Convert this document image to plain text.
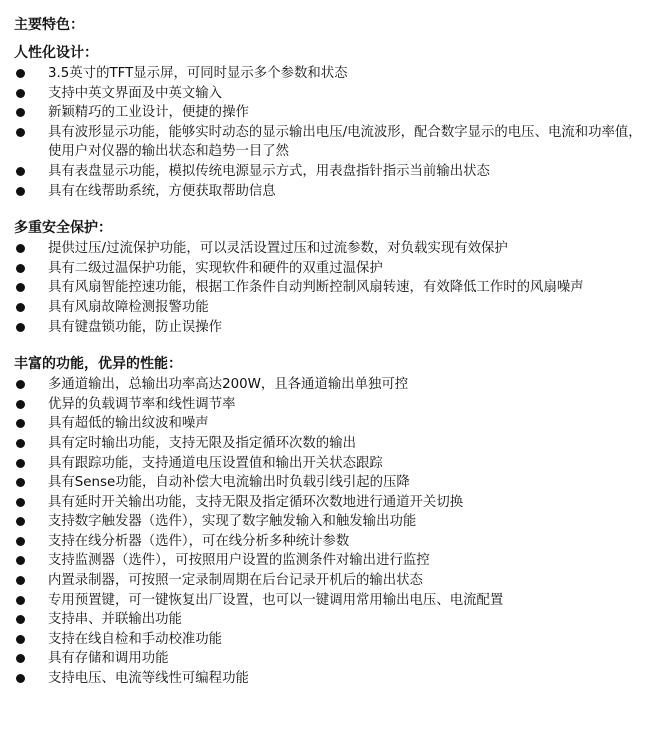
主要特色：
人性化设计：
3.5英寸的TFT显示屏，可同时显示多个参数和状态
支持中英文界面及中英文输入
新颖精巧的工业设计，便捷的操作
具有波形显示功能，能够实时动态的显示输出电压/电流波形，配合数字显示的电压、电流和功率值，使用户对仪器的输出状态和趋势一目了然
具有表盘显示功能，模拟传统电源显示方式，用表盘指针指示当前输出状态
具有在线帮助系统，方便获取帮助信息
多重安全保护：
提供过压/过流保护功能，可以灵活设置过压和过流参数，对负载实现有效保护
具有二级过温保护功能，实现软件和硬件的双重过温保护
具有风扇智能控速功能，根据工作条件自动判断控制风扇转速，有效降低工作时的风扇噪声
具有风扇故障检测报警功能
具有键盘锁功能，防止误操作
丰富的功能，优异的性能：
多通道输出，总输出功率高达200W，且各通道输出单独可控
优异的负载调节率和线性调节率
具有超低的输出纹波和噪声
具有定时输出功能，支持无限及指定循环次数的输出
具有跟踪功能，支持通道电压设置值和输出开关状态跟踪
具有Sense功能，自动补偿大电流输出时负载引线引起的压降
具有延时开关输出功能，支持无限及指定循环次数地进行通道开关切换
支持数字触发器（选件），实现了数字触发输入和触发输出功能
支持在线分析器（选件），可在线分析多种统计参数
支持监测器（选件），可按照用户设置的监测条件对输出进行监控
内置录制器，可按照一定录制周期在后台记录开机后的输出状态
专用预置键，可一键恢复出厂设置，也可以一键调用常用输出电压、电流配置
支持串、并联输出功能
支持在线自检和手动校准功能
具有存储和调用功能
支持电压、电流等线性可编程功能
